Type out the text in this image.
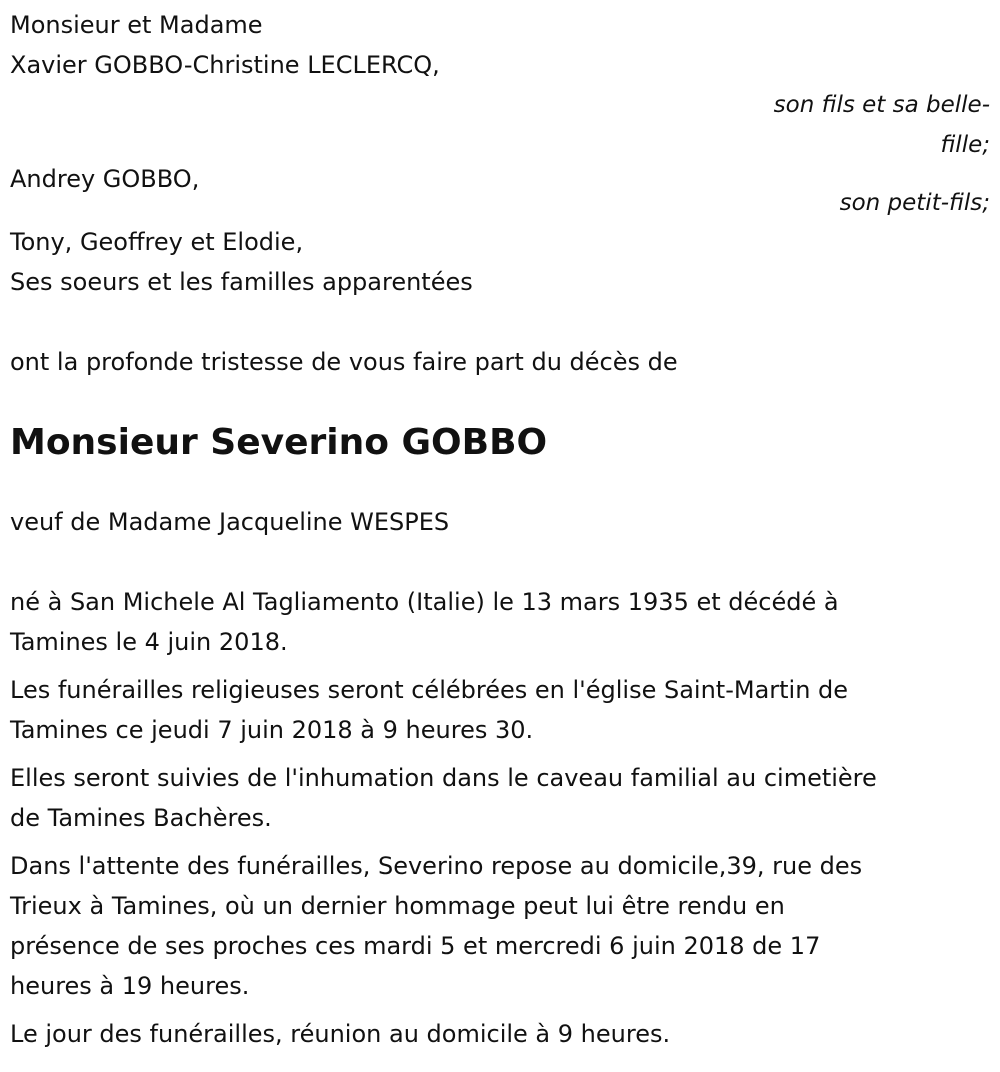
Monsieur et Madame
Xavier GOBBO-Christine LECLERCQ,
son fils et sa belle-
fille;
Andrey GOBBO,
son petit-fils;
Tony, Geoffrey et Elodie,
Ses soeurs et les familles apparentées
ont la profonde tristesse de vous faire part du décès de
Monsieur Severino GOBBO
veuf de Madame Jacqueline WESPES
né à San Michele Al Tagliamento (Italie) le 13 mars 1935 et décédé à
Tamines le 4 juin 2018.
Les funérailles religieuses seront célébrées en l'église Saint-Martin de
Tamines ce jeudi 7 juin 2018 à 9 heures 30.
Elles seront suivies de l'inhumation dans le caveau familial au cimetière
de Tamines Bachères.
Dans l'attente des funérailles, Severino repose au domicile,39, rue des
Trieux à Tamines, où un dernier hommage peut lui être rendu en
présence de ses proches ces mardi 5 et mercredi 6 juin 2018 de 17
heures à 19 heures.
Le jour des funérailles, réunion au domicile à 9 heures.
